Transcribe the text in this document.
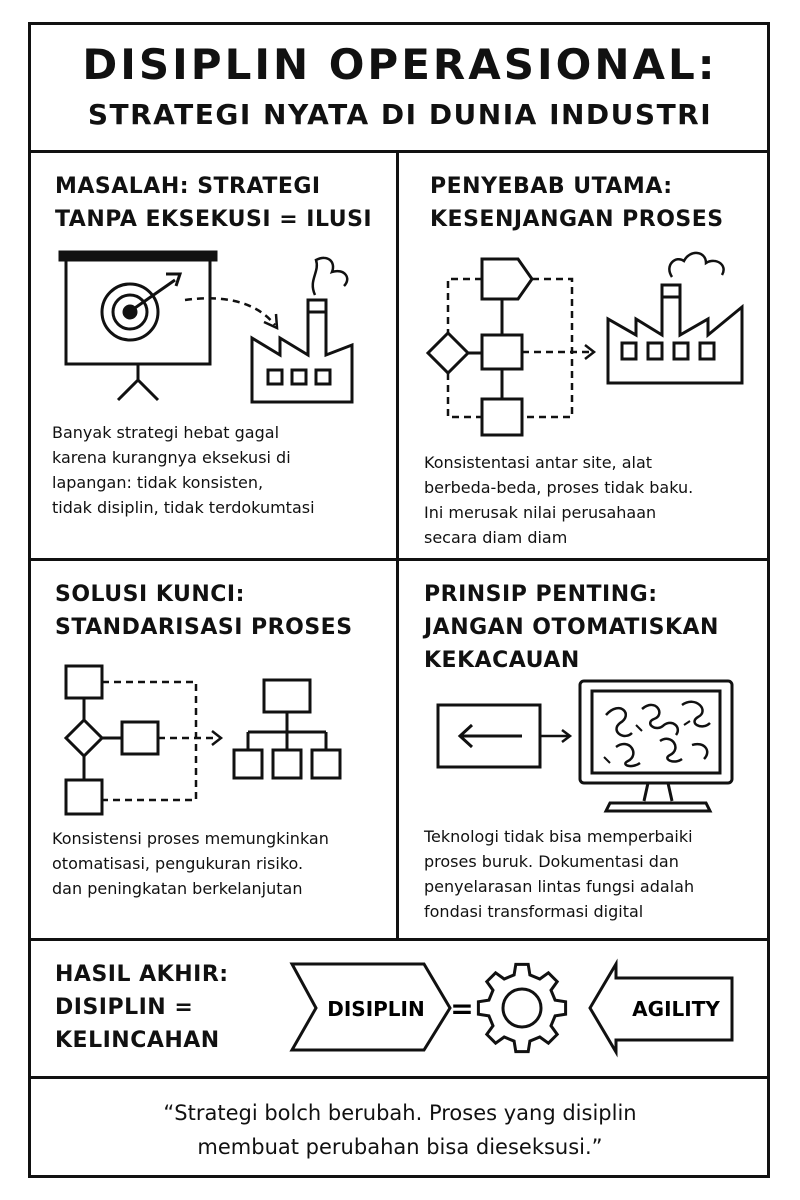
DISIPLIN OPERASIONAL:
STRATEGI NYATA DI DUNIA INDUSTRI
MASALAH: STRATEGI
TANPA EKSEKUSI = ILUSI
Banyak strategi hebat gagal
karena kurangnya eksekusi di
lapangan: tidak konsisten,
tidak disiplin, tidak terdokumtasi
PENYEBAB UTAMA:
KESENJANGAN PROSES
Konsistentasi antar site, alat
berbeda-beda, proses tidak baku.
Ini merusak nilai perusahaan
secara diam diam
SOLUSI KUNCI:
STANDARISASI PROSES
Konsistensi proses memungkinkan
otomatisasi, pengukuran risiko.
dan peningkatan berkelanjutan
PRINSIP PENTING:
JANGAN OTOMATISKAN
KEKACAUAN
Teknologi tidak bisa memperbaiki
proses buruk. Dokumentasi dan
penyelarasan lintas fungsi adalah
fondasi transformasi digital
HASIL AKHIR:
DISIPLIN =
KELINCAHAN
DISIPLIN =	AGILITY
“Strategi bolch berubah. Proses yang disiplin
membuat perubahan bisa dieseksusi.”
